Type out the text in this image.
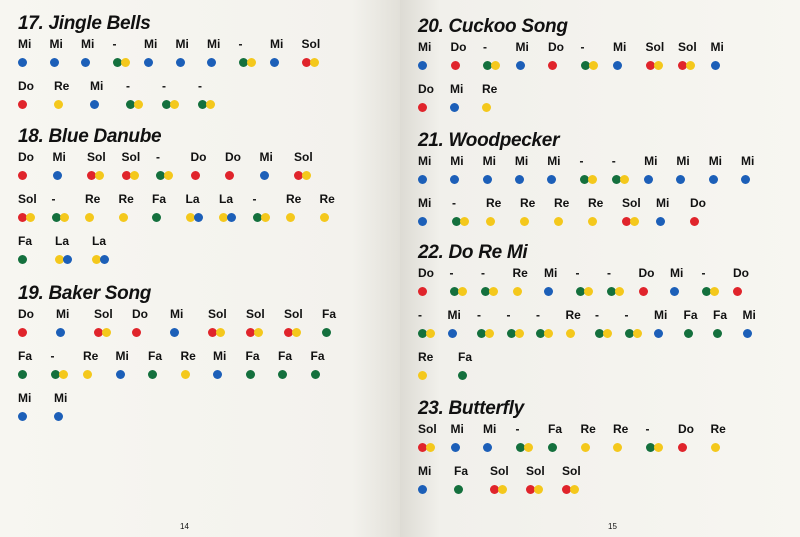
14
17. Jingle Bells
Mi Mi Mi -	Mi Mi Mi -	Mi Sol
Do Re Mi -	-	-
18. Blue Danube
Do Mi Sol Sol -	Do Do Mi Sol
Sol -	Re Re Fa La La -	Re Re
Fa La La
19. Baker Song
Do Mi Sol Do Mi Sol Sol Sol Fa
Fa -	Re Mi Fa Re Mi Fa Fa Fa
Mi Mi
15
20. Cuckoo Song
Mi Do -	Mi Do -	Mi Sol Sol Mi
Do Mi Re
21. Woodpecker
Mi Mi Mi Mi Mi -	-	Mi Mi Mi Mi
Mi -	Re Re Re Re Sol Mi Do
22. Do Re Mi
Do -	-	Re Mi -	-	Do Mi -	Do
-	Mi -	-	-	Re -	-	Mi Fa Fa Mi
Re Fa
23. Butterfly
Sol Mi Mi -	Fa Re Re -	Do Re
Mi Fa Sol Sol Sol
